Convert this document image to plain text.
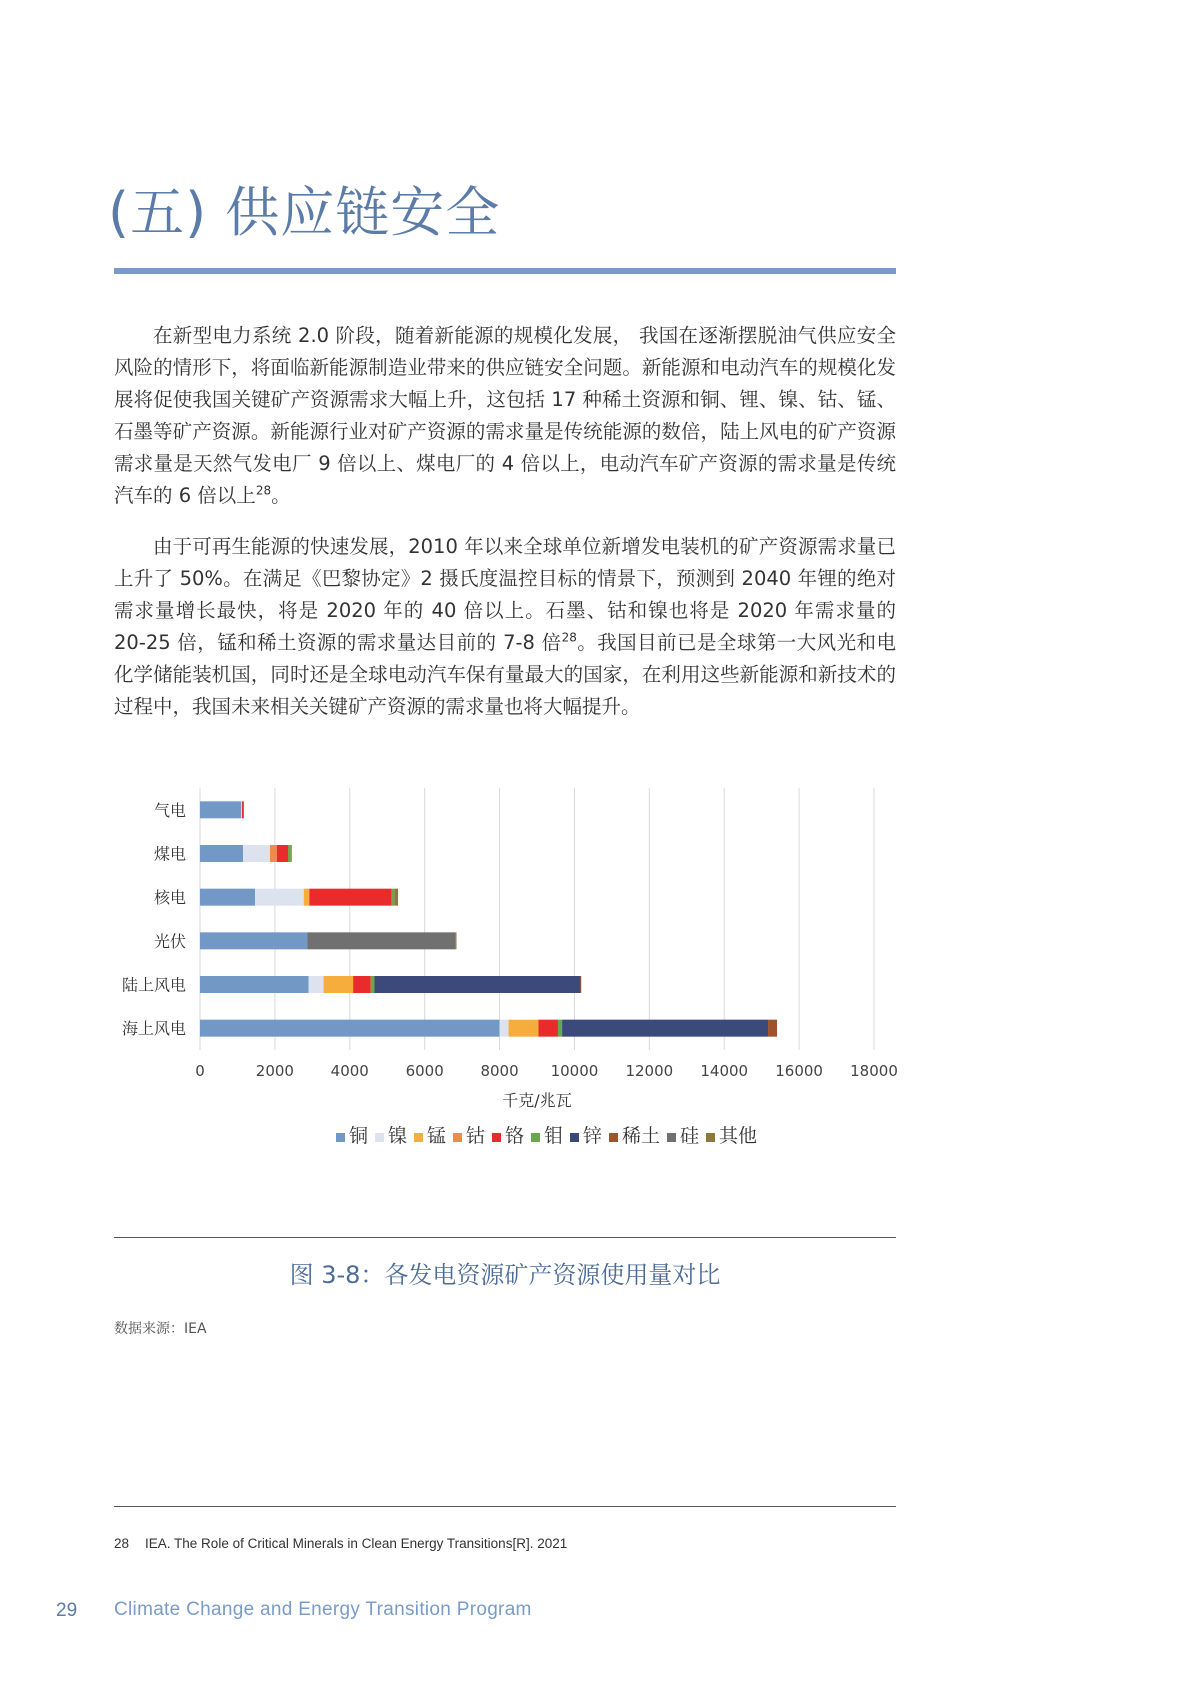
(五) 供应链安全

在新型电力系统 2.0 阶段，随着新能源的规模化发展， 我国在逐渐摆脱油气供应安全风险的情形下，将面临新能源制造业带来的供应链安全问题。新能源和电动汽车的规模化发展将促使我国关键矿产资源需求大幅上升，这包括 17 种稀土资源和铜、锂、镍、钴、锰、石墨等矿产资源。新能源行业对矿产资源的需求量是传统能源的数倍，陆上风电的矿产资源需求量是天然气发电厂 9 倍以上、煤电厂的 4 倍以上，电动汽车矿产资源的需求量是传统汽车的 6 倍以上$^{28}$。

由于可再生能源的快速发展，2010 年以来全球单位新增发电装机的矿产资源需求量已上升了 50%。在满足《巴黎协定》2 摄氏度温控目标的情景下，预测到 2040 年锂的绝对需求量增长最快，将是 2020 年的 40 倍以上。石墨、钴和镍也将是 2020 年需求量的 20-25 倍，锰和稀土资源的需求量达目前的 7-8 倍$^{28}$。我国目前已是全球第一大风光和电化学储能装机国，同时还是全球电动汽车保有量最大的国家，在利用这些新能源和新技术的过程中，我国未来相关关键矿产资源的需求量也将大幅提升。

0	2000 4000 6000 8000 10000 12000 14000 16000 18000
气电
煤电
核电
光伏
陆上风电
海上风电
千克/兆瓦
铜 镍 锰 钴 铬 钼 锌 稀土 硅 其他
图 3-8：各发电资源矿产资源使用量对比
数据来源：IEA
28 IEA. The Role of Critical Minerals in Clean Energy Transitions[R]. 2021
29 Climate Change and Energy Transition Program
